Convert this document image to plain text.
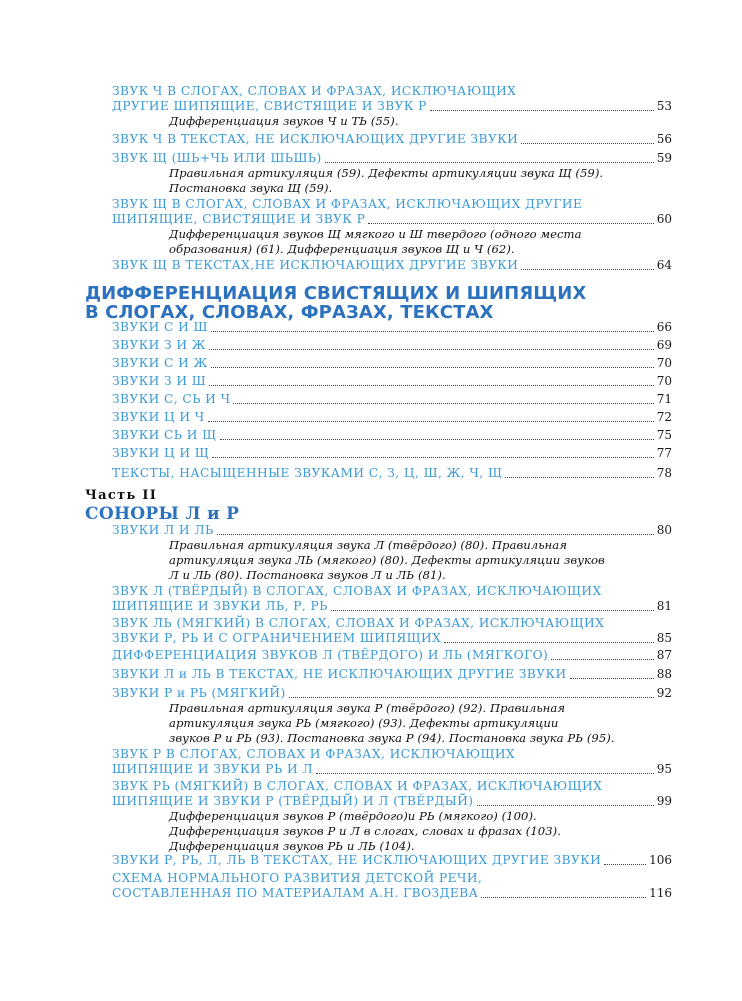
ЗВУК Ч В СЛОГАХ, СЛОВАХ И ФРАЗАХ, ИСКЛЮЧАЮЩИХ
ДРУГИЕ ШИПЯЩИЕ, СВИСТЯЩИЕ И ЗВУК Р	53
Дифференциация звуков Ч и ТЬ (55).
ЗВУК Ч В ТЕКСТАХ, НЕ ИСКЛЮЧАЮЩИХ ДРУГИЕ ЗВУКИ	56
ЗВУК Щ (ШЬ+ЧЬ ИЛИ ШЬШЬ)	59
Правильная артикуляция (59). Дефекты артикуляции звука Щ (59).
Постановка звука Щ (59).
ЗВУК Щ В СЛОГАХ, СЛОВАХ И ФРАЗАХ, ИСКЛЮЧАЮЩИХ ДРУГИЕ
ШИПЯЩИЕ, СВИСТЯЩИЕ И ЗВУК Р	60
Дифференциация звуков Щ мягкого и Ш твердого (одного места
образования) (61). Дифференциация звуков Щ и Ч (62).
ЗВУК Щ В ТЕКСТАХ,НЕ ИСКЛЮЧАЮЩИХ ДРУГИЕ ЗВУКИ	64
ДИФФЕРЕНЦИАЦИЯ СВИСТЯЩИХ И ШИПЯЩИХ
В СЛОГАХ, СЛОВАХ, ФРАЗАХ, ТЕКСТАХ
ЗВУКИ С И Ш	66
ЗВУКИ З И Ж	69
ЗВУКИ С И Ж	70
ЗВУКИ З И Ш	70
ЗВУКИ С, СЬ И Ч	71
ЗВУКИ Ц И Ч	72
ЗВУКИ СЬ И Щ	75
ЗВУКИ Ц И Щ	77
ТЕКСТЫ, НАСЫЩЕННЫЕ ЗВУКАМИ С, З, Ц, Ш, Ж, Ч, Щ	78
Часть II
СОНОРЫ Л и Р
ЗВУКИ Л И ЛЬ	80
Правильная артикуляция звука Л (твёрдого) (80). Правильная
артикуляция звука ЛЬ (мягкого) (80). Дефекты артикуляции звуков
Л и ЛЬ (80). Постановка звуков Л и ЛЬ (81).
ЗВУК Л (ТВЁРДЫЙ) В СЛОГАХ, СЛОВАХ И ФРАЗАХ, ИСКЛЮЧАЮЩИХ
ШИПЯЩИЕ И ЗВУКИ ЛЬ, Р, РЬ	81
ЗВУК ЛЬ (МЯГКИЙ) В СЛОГАХ, СЛОВАХ И ФРАЗАХ, ИСКЛЮЧАЮЩИХ
ЗВУКИ Р, РЬ И С ОГРАНИЧЕНИЕМ ШИПЯЩИХ	85
ДИФФЕРЕНЦИАЦИЯ ЗВУКОВ Л (ТВЁРДОГО) И ЛЬ (МЯГКОГО)	87
ЗВУКИ Л и ЛЬ В ТЕКСТАХ, НЕ ИСКЛЮЧАЮЩИХ ДРУГИЕ ЗВУКИ	88
ЗВУКИ Р и РЬ (МЯГКИЙ)	92
Правильная артикуляция звука Р (твёрдого) (92). Правильная
артикуляция звука РЬ (мягкого) (93). Дефекты артикуляции
звуков Р и РЬ (93). Постановка звука Р (94). Постановка звука РЬ (95).
ЗВУК Р В СЛОГАХ, СЛОВАХ И ФРАЗАХ, ИСКЛЮЧАЮЩИХ
ШИПЯЩИЕ И ЗВУКИ РЬ И Л	95
ЗВУК РЬ (МЯГКИЙ) В СЛОГАХ, СЛОВАХ И ФРАЗАХ, ИСКЛЮЧАЮЩИХ
ШИПЯЩИЕ И ЗВУКИ Р (ТВЁРДЫЙ) И Л (ТВЁРДЫЙ)	99
Дифференциация звуков Р (твёрдого)и РЬ (мягкого) (100).
Дифференциация звуков Р и Л в слогах, словах и фразах (103).
Дифференциация звуков РЬ и ЛЬ (104).
ЗВУКИ Р, РЬ, Л, ЛЬ В ТЕКСТАХ, НЕ ИСКЛЮЧАЮЩИХ ДРУГИЕ ЗВУКИ	106
СХЕМА НОРМАЛЬНОГО РАЗВИТИЯ ДЕТСКОЙ РЕЧИ,
СОСТАВЛЕННАЯ ПО МАТЕРИАЛАМ А.Н. ГВОЗДЕВА	116
